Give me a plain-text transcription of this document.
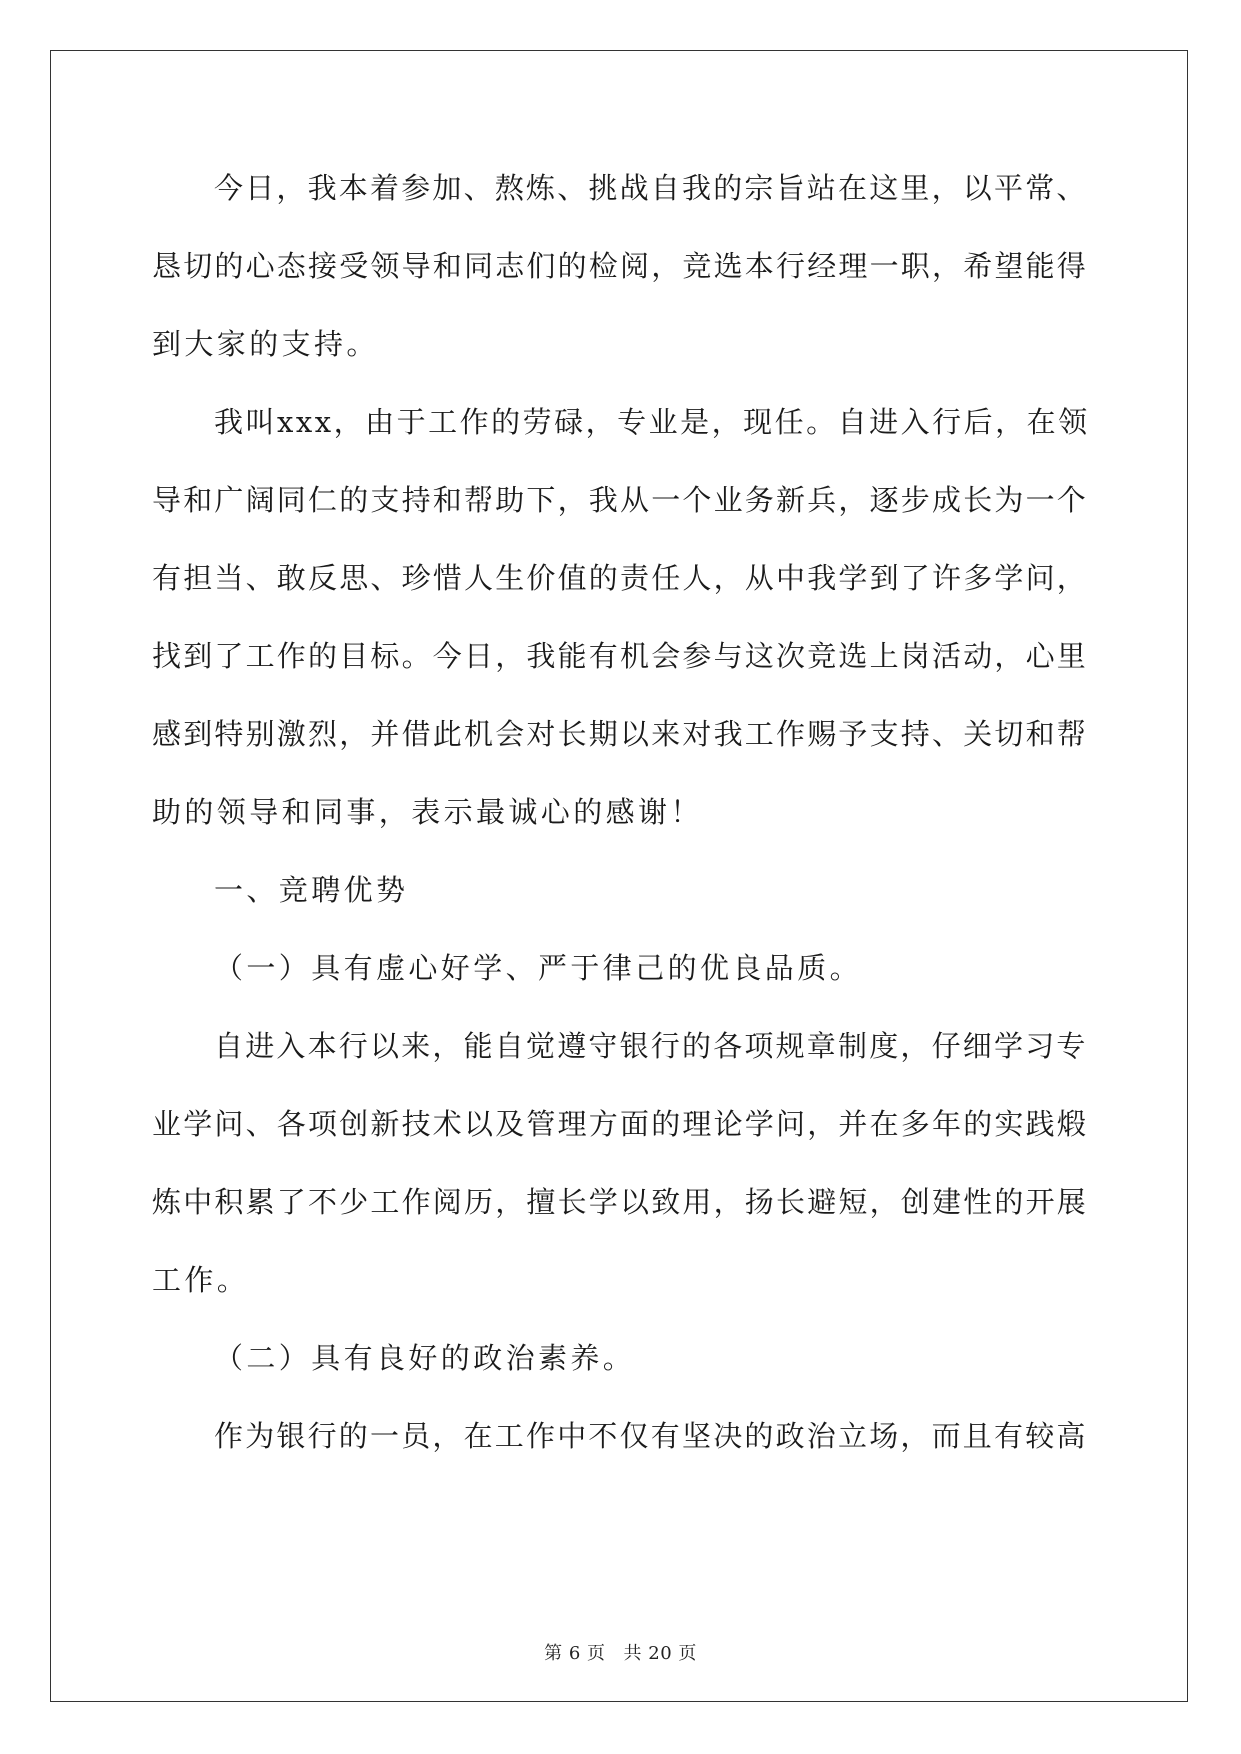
今日，我本着参加、熬炼、挑战自我的宗旨站在这里，以平常、
恳切的心态接受领导和同志们的检阅，竞选本行经理一职，希望能得
到大家的支持。
我叫xxx，由于工作的劳碌，专业是，现任。自进入行后，在领
导和广阔同仁的支持和帮助下，我从一个业务新兵，逐步成长为一个
有担当、敢反思、珍惜人生价值的责任人，从中我学到了许多学问，
找到了工作的目标。今日，我能有机会参与这次竞选上岗活动，心里
感到特别激烈，并借此机会对长期以来对我工作赐予支持、关切和帮
助的领导和同事，表示最诚心的感谢！
一、竞聘优势
（一）具有虚心好学、严于律己的优良品质。
自进入本行以来，能自觉遵守银行的各项规章制度，仔细学习专
业学问、各项创新技术以及管理方面的理论学问，并在多年的实践煅
炼中积累了不少工作阅历，擅长学以致用，扬长避短，创建性的开展
工作。
（二）具有良好的政治素养。
作为银行的一员，在工作中不仅有坚决的政治立场，而且有较高
第 6 页 共 20 页
